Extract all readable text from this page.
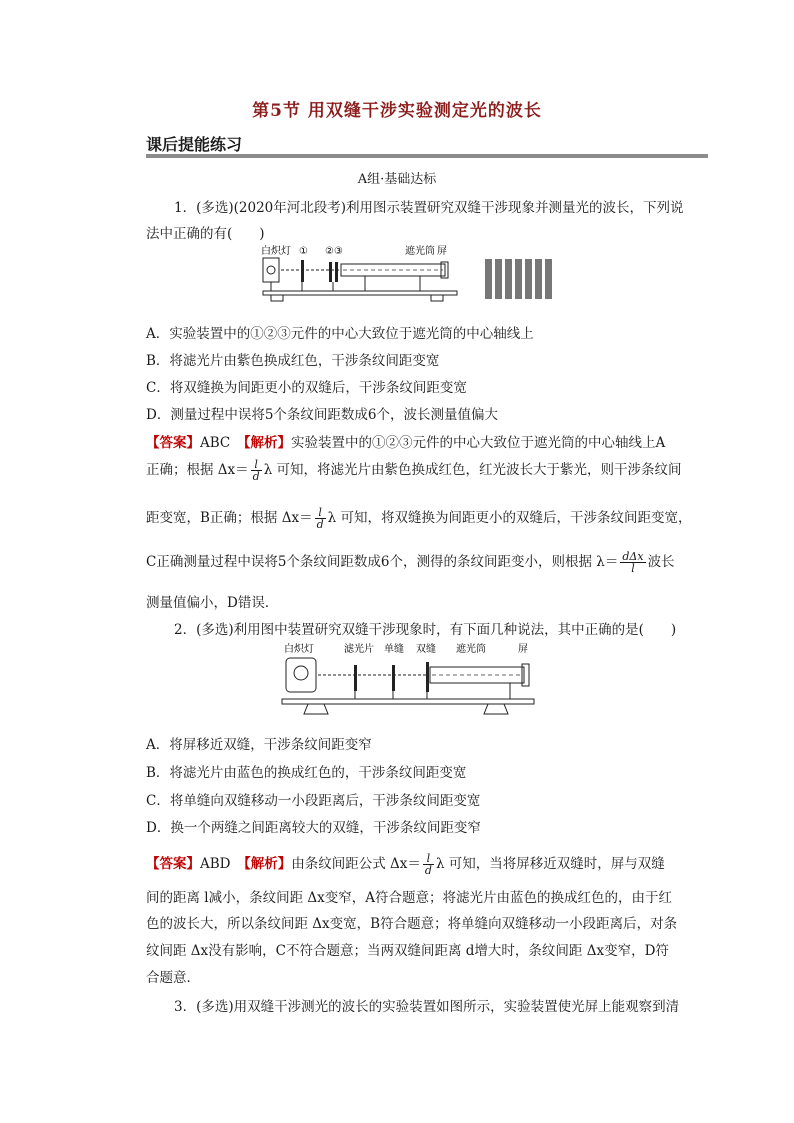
第5节 用双缝干涉实验测定光的波长
课后提能练习
A组·基础达标
1．(多选)(2020年河北段考)利用图示装置研究双缝干涉现象并测量光的波长，下列说
法中正确的有(　　)
白炽灯 ① ②③	遮光筒 屏
A．实验装置中的①②③元件的中心大致位于遮光筒的中心轴线上
B．将滤光片由紫色换成红色，干涉条纹间距变宽
C．将双缝换为间距更小的双缝后，干涉条纹间距变宽
D．测量过程中误将5个条纹间距数成6个，波长测量值偏大
【答案】ABC　 【解析】实验装置中的①②③元件的中心大致位于遮光筒的中心轴线上A
正确；根据 $\Delta x= \frac{l}{d}$ λ 可知，将滤光片由紫色换成红色，红光波长大于紫光，则干涉条纹间
距变宽，B正确；根据 $\Delta x= \frac{l}{d}$ λ 可知，将双缝换为间距更小的双缝后，干涉条纹间距变宽，
C正确测量过程中误将5个条纹间距数成6个，测得的条纹间距变小，则根据 $\lambda= \frac{\text{dΔx}}{l}$ 波长
测量值偏小，D错误．
2．(多选)利用图中装置研究双缝干涉现象时，有下面几种说法，其中正确的是(　　)
白炽灯	滤光片 单缝 双缝 遮光筒	屏
A．将屏移近双缝，干涉条纹间距变窄
B．将滤光片由蓝色的换成红色的，干涉条纹间距变宽
C．将单缝向双缝移动一小段距离后，干涉条纹间距变宽
D．换一个两缝之间距离较大的双缝，干涉条纹间距变窄
【答案】ABD　 【解析】由条纹间距公式 $\Delta x= \frac{l}{d}$ λ 可知，当将屏移近双缝时，屏与双缝
间的距离 l减小，条纹间距 Δx变窄，A符合题意；将滤光片由蓝色的换成红色的，由于红
色的波长大，所以条纹间距 Δx变宽，B符合题意；将单缝向双缝移动一小段距离后，对条
纹间距 Δx没有影响，C不符合题意；当两双缝间距离 d增大时，条纹间距 Δx变窄，D符
合题意．
3．(多选)用双缝干涉测光的波长的实验装置如图所示，实验装置使光屏上能观察到清
